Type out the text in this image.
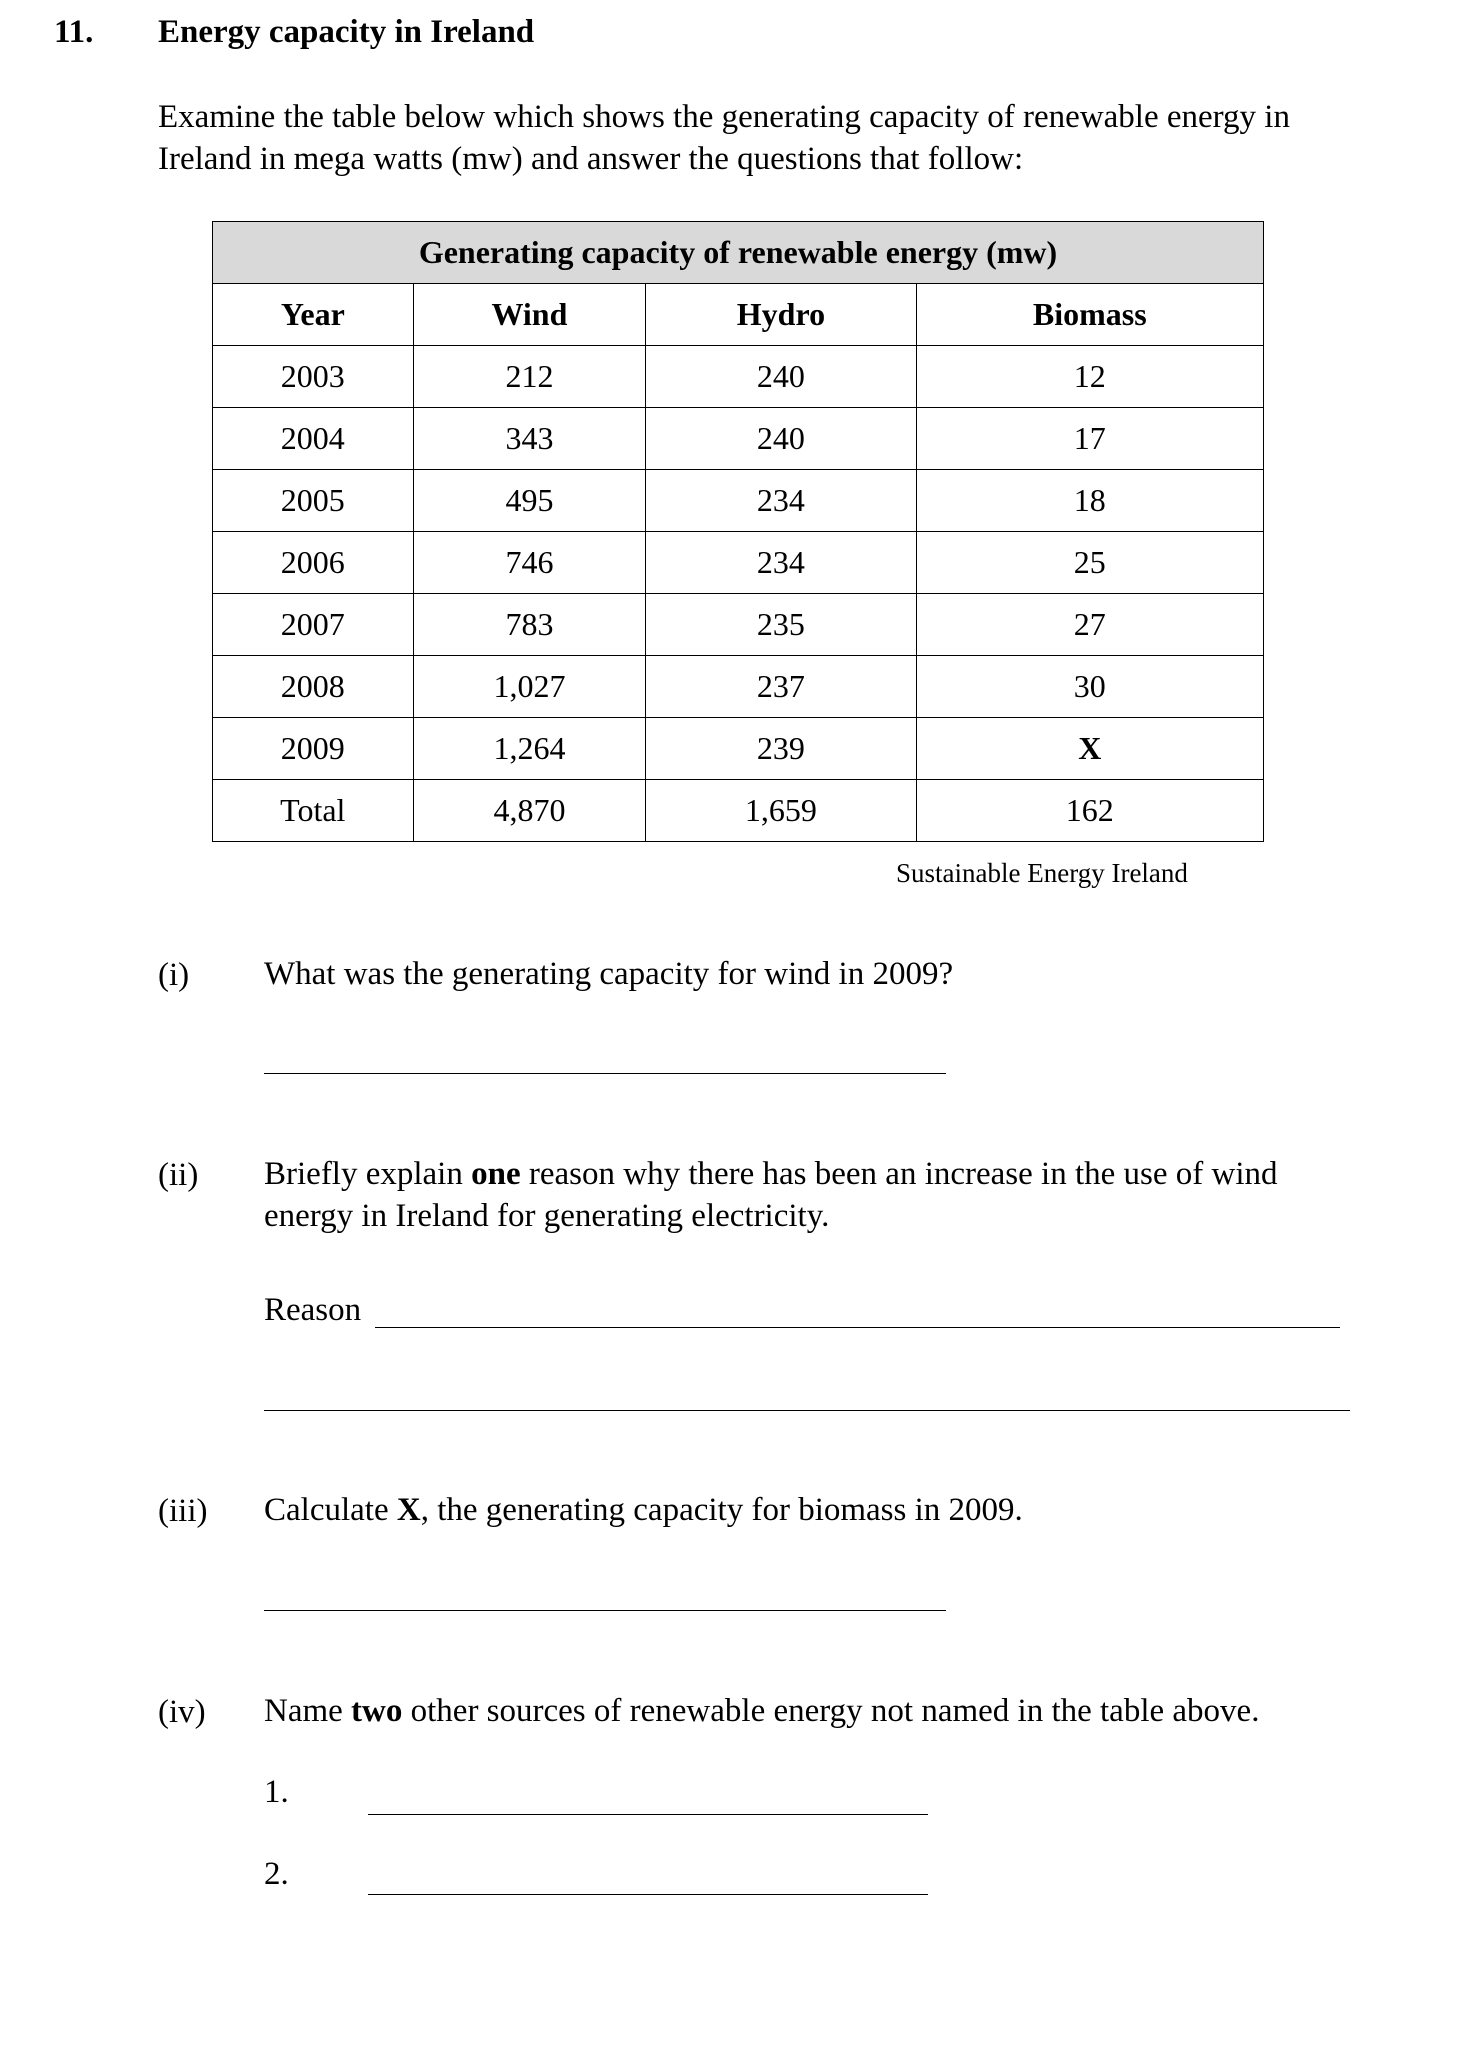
11. Energy capacity in Ireland
Examine the table below which shows the generating capacity of renewable energy in Ireland in mega watts (mw) and answer the questions that follow:
Generating capacity of renewable energy (mw)			
Year	Wind	Hydro	Biomass
2003	212	240	12
2004	343	240	17
2005	495	234	18
2006	746	234	25
2007	783	235	27
2008	1,027	237	30
2009	1,264	239	X
Total	4,870	1,659	162
Sustainable Energy Ireland
(i) What was the generating capacity for wind in 2009?
(ii) Briefly explain one reason why there has been an increase in the use of wind energy in Ireland for generating electricity.
Reason
(iii) Calculate X, the generating capacity for biomass in 2009.
(iv) Name two other sources of renewable energy not named in the table above.
1.
2.
